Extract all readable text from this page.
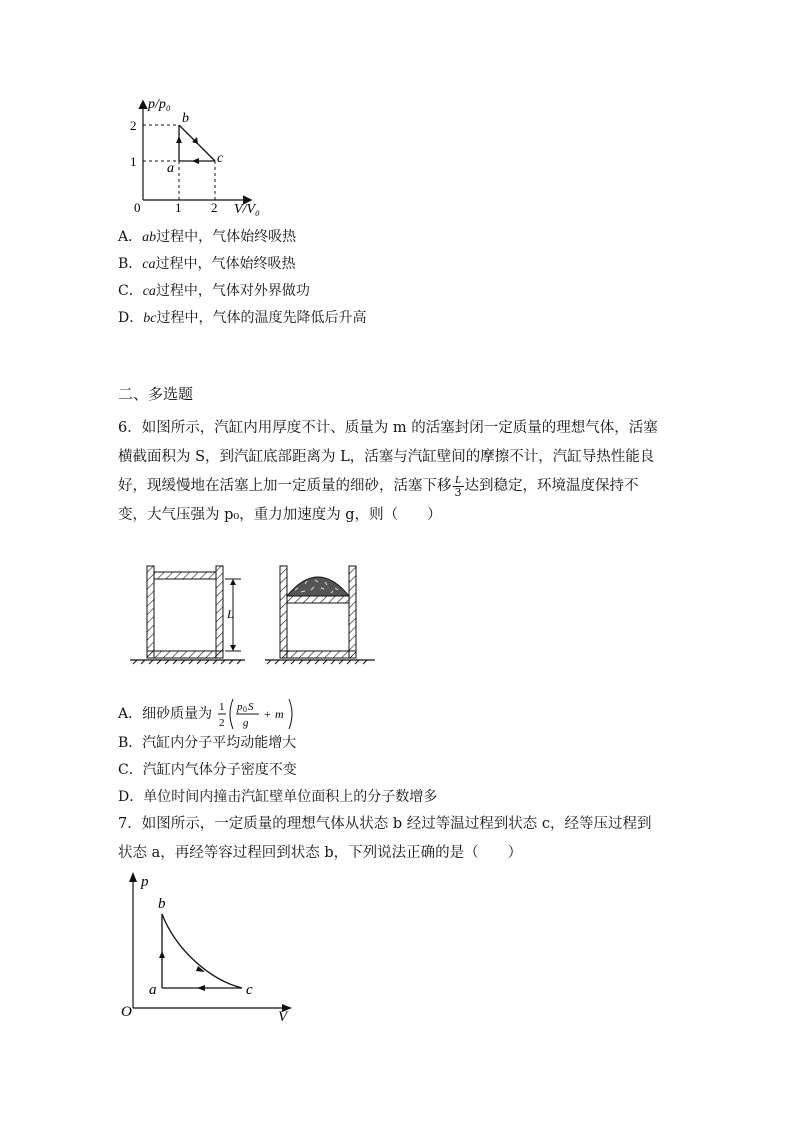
p/p₀
V/V₀
0	1 2
1
2
a
b
c
A．ab过程中，气体始终吸热
B．ca过程中，气体始终吸热
C．ca过程中，气体对外界做功
D．bc过程中，气体的温度先降低后升高
二、多选题
6．如图所示，汽缸内用厚度不计、质量为 m 的活塞封闭一定质量的理想气体，活塞
横截面积为 S，到汽缸底部距离为 L，活塞与汽缸壁间的摩擦不计，汽缸导热性能良
好，现缓慢地在活塞上加一定质量的细砂，活塞下移 $\frac{L}{3}$ 达到稳定，环境温度保持不
变，大气压强为 p₀，重力加速度为 g，则（　　）
L
A．细砂质量为 1
2
p 0 S
g
+ m
B．汽缸内分子平均动能增大
C．汽缸内气体分子密度不变
D．单位时间内撞击汽缸壁单位面积上的分子数增多
7．如图所示，一定质量的理想气体从状态 b 经过等温过程到状态 c，经等压过程到
状态 a，再经等容过程回到状态 b，下列说法正确的是（　　）
p
V
O
a
b
c
